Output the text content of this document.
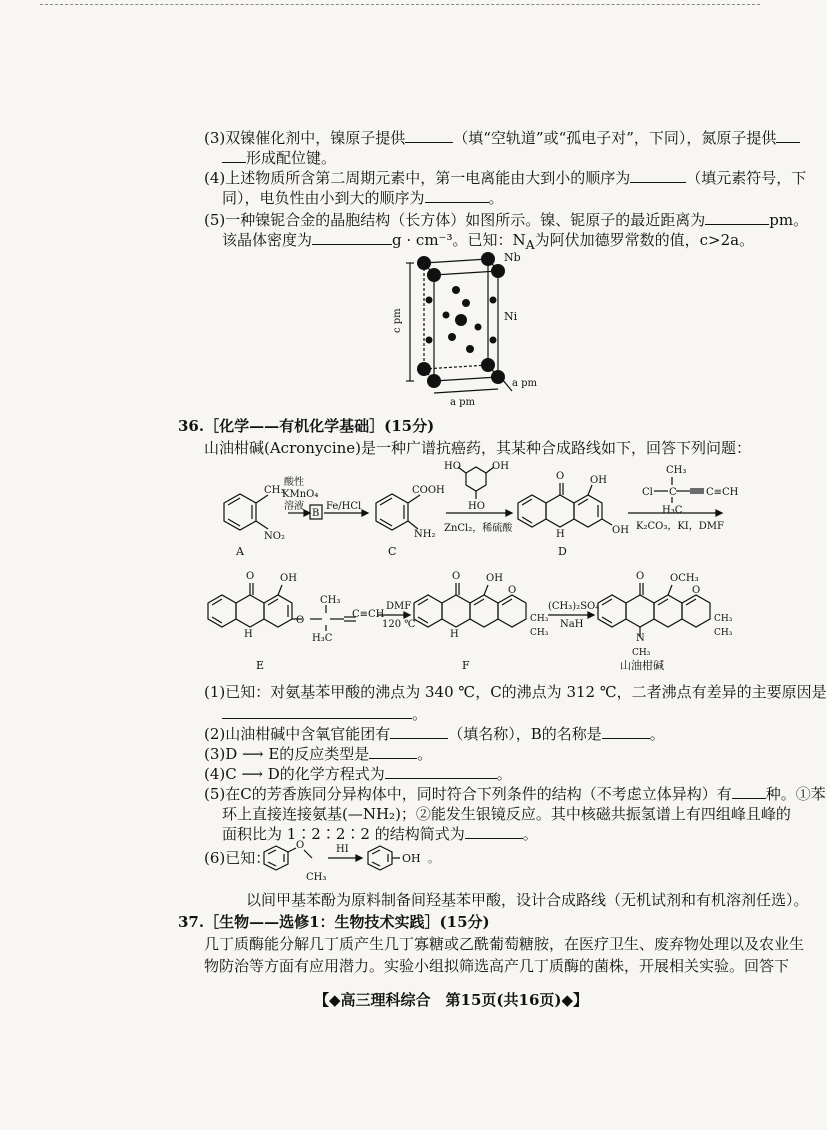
(3)双镍催化剂中，镍原子提供	（填“空轨道”或“孤电子对”，下同），氮原子提供
形成配位键。
(4)上述物质所含第二周期元素中，第一电离能由大到小的顺序为	（填元素符号，下
同），电负性由小到大的顺序为	。
(5)一种镍铌合金的晶胞结构（长方体）如图所示。镍、铌原子的最近距离为	pm。
该晶体密度为	g · cm⁻³。已知：$N_A$为阿伏加德罗常数的值，c>2a。
Nb
Ni
c pm
a pm
a pm
36.［化学——有机化学基础］(15分)
山油柑碱(Acronycine)是一种广谱抗癌药，其某种合成路线如下，回答下列问题：
CH₃
NO₂
A
酸性
KMnO₄
溶液
B
Fe/HCl
COOH
NH₂
C
HO	OH
HO
ZnCl₂，稀硫酸
O	OH
OH
H
D
Cl C	C≡CH
CH₃
H₃C
K₂CO₃，KI，DMF
O	OH
O
CH₃
H₃C
C≡CH
H
E
DMF
120 ℃
O	OH
O
CH₃
CH₃
H
F
(CH₃)₂SO₄
NaH
O	OCH₃
O
CH₃
CH₃
N
CH₃
山油柑碱
(1)已知：对氨基苯甲酸的沸点为 340 ℃，C的沸点为 312 ℃，二者沸点有差异的主要原因是
。
(2)山油柑碱中含氧官能团有	（填名称），B的名称是	。
(3)D ⟶ E的反应类型是	。
(4)C ⟶ D的化学方程式为	。
(5)在C的芳香族同分异构体中，同时符合下列条件的结构（不考虑立体异构）有 种。①苯
环上直接连接氨基(—NH₂)；②能发生银镜反应。其中核磁共振氢谱上有四组峰且峰的
面积比为 1∶2∶2∶2 的结构简式为	。
(6)已知：
O
CH₃
HI
OH 。
以间甲基苯酚为原料制备间羟基苯甲酸，设计合成路线（无机试剂和有机溶剂任选）。
37.［生物——选修1：生物技术实践］(15分)
几丁质酶能分解几丁质产生几丁寡糖或乙酰葡萄糖胺，在医疗卫生、废弃物处理以及农业生
物防治等方面有应用潜力。实验小组拟筛选高产几丁质酶的菌株，开展相关实验。回答下
【◆高三理科综合　第15页(共16页)◆】
